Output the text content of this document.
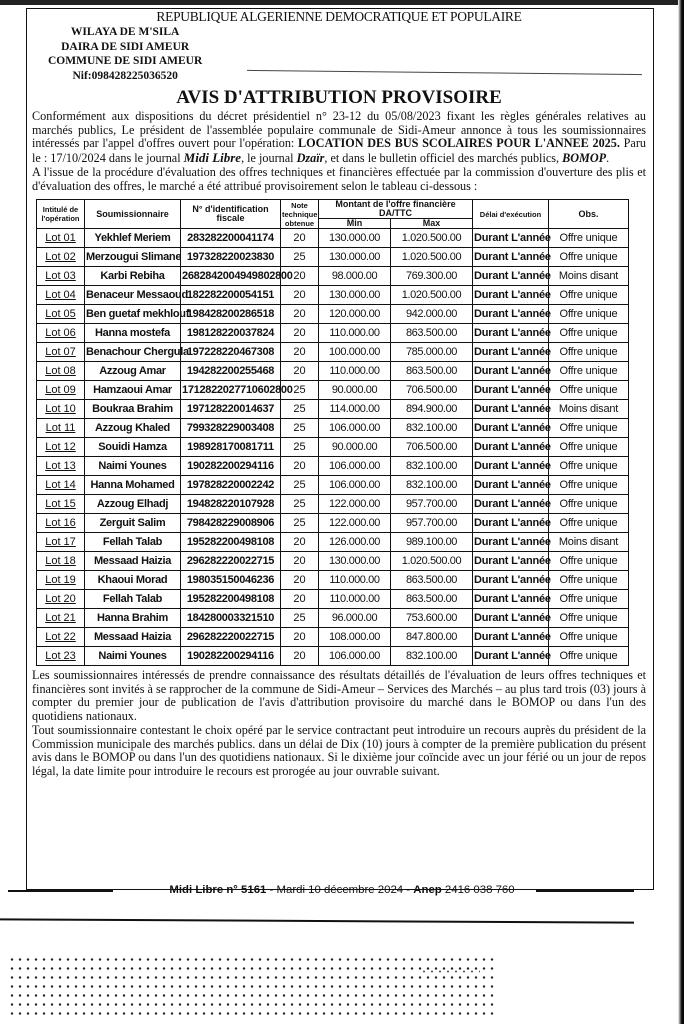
REPUBLIQUE ALGERIENNE DEMOCRATIQUE ET POPULAIRE
WILAYA DE M'SILA
DAIRA DE SIDI AMEUR
COMMUNE DE SIDI AMEUR
Nif:098428225036520
AVIS D'ATTRIBUTION PROVISOIRE
Conformément aux dispositions du décret présidentiel n° 23-12 du 05/08/2023 fixant les règles générales relatives au marchés publics, Le président de l'assemblée populaire communale de Sidi-Ameur annonce à tous les soumissionnaires intéressés par l'appel d'offres ouvert pour l'opération: LOCATION DES BUS SCOLAIRES POUR L'ANNEE 2025. Paru le : 17/10/2024 dans le journal Midi Libre, le journal Dzaïr, et dans le bulletin officiel des marchés publics, BOMOP.
A l'issue de la procédure d'évaluation des offres techniques et financières effectuée par la commission d'ouverture des plis et d'évaluation des offres, le marché a été attribué provisoirement selon le tableau ci-dessous :
Intitulé de l'opération	Soumissionnaire	N° d'identification fiscale	Note technique obtenue	Montant de l'offre financière DA/TTC		Délai d'exécution	Obs.
				Min	Max		
Lot 01	Yekhlef Meriem	283282200041174	20	130.000.00	1.020.500.00	Durant L'année	Offre unique
Lot 02	Merzougui Slimane	197328220023830	25	130.000.00	1.020.500.00	Durant L'année	Offre unique
Lot 03	Karbi Rebiha	2682842004949802800	20	98.000.00	769.300.00	Durant L'année	Moins disant
Lot 04	Benaceur Messaoud	182282200054151	20	130.000.00	1.020.500.00	Durant L'année	Offre unique
Lot 05	Ben guetaf mekhlouf	198428200286518	20	120.000.00	942.000.00	Durant L'année	Offre unique
Lot 06	Hanna mostefa	198128220037824	20	110.000.00	863.500.00	Durant L'année	Offre unique
Lot 07	Benachour Chergula	197228220467308	20	100.000.00	785.000.00	Durant L'année	Offre unique
Lot 08	Azzoug Amar	194282200255468	20	110.000.00	863.500.00	Durant L'année	Offre unique
Lot 09	Hamzaoui Amar	1712822027710602800	25	90.000.00	706.500.00	Durant L'année	Offre unique
Lot 10	Boukraa Brahim	197128220014637	25	114.000.00	894.900.00	Durant L'année	Moins disant
Lot 11	Azzoug Khaled	799328229003408	25	106.000.00	832.100.00	Durant L'année	Offre unique
Lot 12	Souidi Hamza	198928170081711	25	90.000.00	706.500.00	Durant L'année	Offre unique
Lot 13	Naimi Younes	190282200294116	20	106.000.00	832.100.00	Durant L'année	Offre unique
Lot 14	Hanna Mohamed	197828220002242	25	106.000.00	832.100.00	Durant L'année	Offre unique
Lot 15	Azzoug Elhadj	194828220107928	25	122.000.00	957.700.00	Durant L'année	Offre unique
Lot 16	Zerguit Salim	798428229008906	25	122.000.00	957.700.00	Durant L'année	Offre unique
Lot 17	Fellah Talab	195282200498108	20	126.000.00	989.100.00	Durant L'année	Moins disant
Lot 18	Messaad Haizia	296282220022715	20	130.000.00	1.020.500.00	Durant L'année	Offre unique
Lot 19	Khaoui Morad	198035150046236	20	110.000.00	863.500.00	Durant L'année	Offre unique
Lot 20	Fellah Talab	195282200498108	20	110.000.00	863.500.00	Durant L'année	Offre unique
Lot 21	Hanna Brahim	184280003321510	25	96.000.00	753.600.00	Durant L'année	Offre unique
Lot 22	Messaad Haizia	296282220022715	20	108.000.00	847.800.00	Durant L'année	Offre unique
Lot 23	Naimi Younes	190282200294116	20	106.000.00	832.100.00	Durant L'année	Offre unique
Les soumissionnaires intéressés de prendre connaissance des résultats détaillés de l'évaluation de leurs offres techniques et financières sont invités à se rapprocher de la commune de Sidi-Ameur – Services des Marchés – au plus tard trois (03) jours à compter du premier jour de publication de l'avis d'attribution provisoire du marché dans le BOMOP ou dans l'un des quotidiens nationaux.
Tout soumissionnaire contestant le choix opéré par le service contractant peut introduire un recours auprès du président de la Commission municipale des marchés publics. dans un délai de Dix (10) jours à compter de la première publication du présent avis dans le BOMOP ou dans l'un des quotidiens nationaux. Si le dixième jour coïncide avec un jour férié ou un jour de repos légal, la date limite pour introduire le recours est prorogée au jour ouvrable suivant.
Midi Libre n° 5161 - Mardi 10 décembre 2024 - Anep 2416 038 760
